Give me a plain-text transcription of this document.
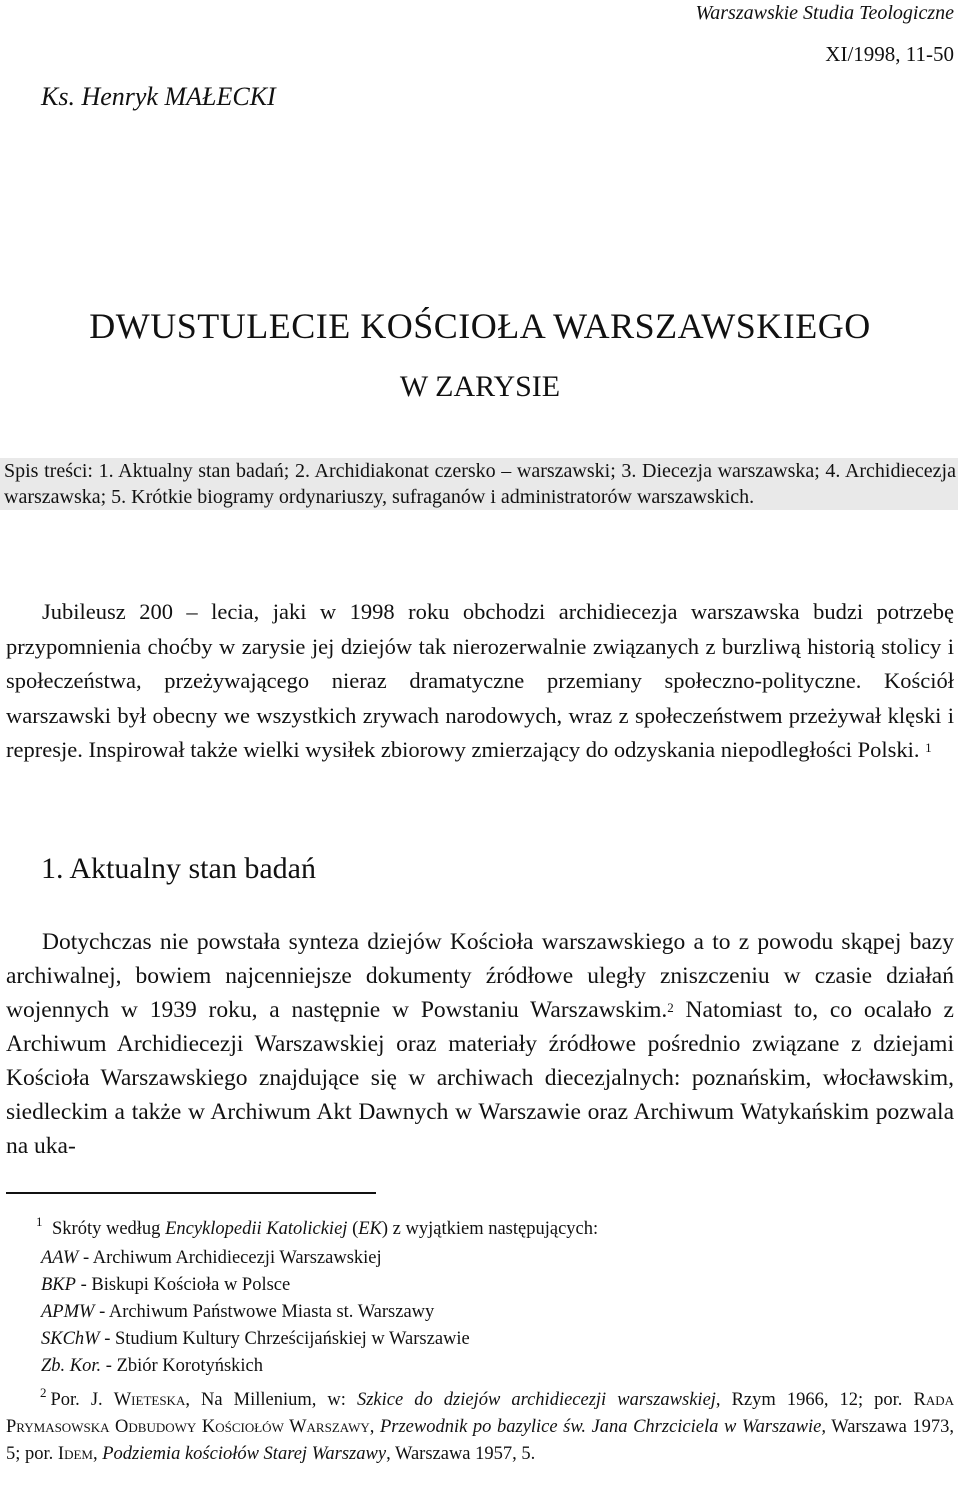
Warszawskie Studia Teologiczne
XI/1998, 11-50
Ks. Henryk MAŁECKI
DWUSTULECIE KOŚCIOŁA WARSZAWSKIEGO
W ZARYSIE

Spis treści: 1. Aktualny stan badań; 2. Archidiakonat czersko – warszawski; 3. Diecezja warszawska; 4. Archidiecezja warszawska; 5. Krótkie biogramy ordynariuszy, sufraganów i administratorów warszawskich.

Jubileusz 200 – lecia, jaki w 1998 roku obchodzi archidiecezja warszawska budzi potrzebę przypomnienia choćby w zarysie jej dziejów tak nierozerwalnie związanych z burzliwą historią stolicy i społeczeństwa, przeżywającego nieraz dramatyczne przemiany społeczno-polityczne. Kościół warszawski był obecny we wszystkich zrywach narodowych, wraz z społeczeństwem przeżywał klęski i represje. Inspirował także wielki wysiłek zbiorowy zmierzający do odzyskania niepodległości Polski. $^1$

1. Aktualny stan badań

Dotychczas nie powstała synteza dziejów Kościoła warszawskiego a to z powodu skąpej bazy archiwalnej, bowiem najcenniejsze dokumenty źródłowe uległy zniszczeniu w czasie działań wojennych w 1939 roku, a następnie w Powstaniu Warszawskim.$^2$ Natomiast to, co ocalało z Archiwum Archidiecezji Warszawskiej oraz materiały źródłowe pośrednio związane z dziejami Kościoła Warszawskiego znajdujące się w archiwach diecezjalnych: poznańskim, włocławskim, siedleckim a także w Archiwum Akt Dawnych w Warszawie oraz Archiwum Watykańskim pozwala na uka-

1 Skróty według Encyklopedii Katolickiej (EK) z wyjątkiem następujących:
AAW - Archiwum Archidiecezji Warszawskiej
BKP - Biskupi Kościoła w Polsce
APMW - Archiwum Państwowe Miasta st. Warszawy
SKChW - Studium Kultury Chrześcijańskiej w Warszawie
Zb. Kor. - Zbiór Korotyńskich
$^2$ Por. J. Wieteska, Na Millenium, w: Szkice do dziejów archidiecezji warszawskiej, Rzym 1966, 12; por. Rada Prymasowska Odbudowy Kościołów Warszawy, Przewodnik po bazylice św. Jana Chrzciciela w Warszawie, Warszawa 1973, 5; por. Idem, Podziemia kościołów Starej Warszawy, Warszawa 1957, 5.
